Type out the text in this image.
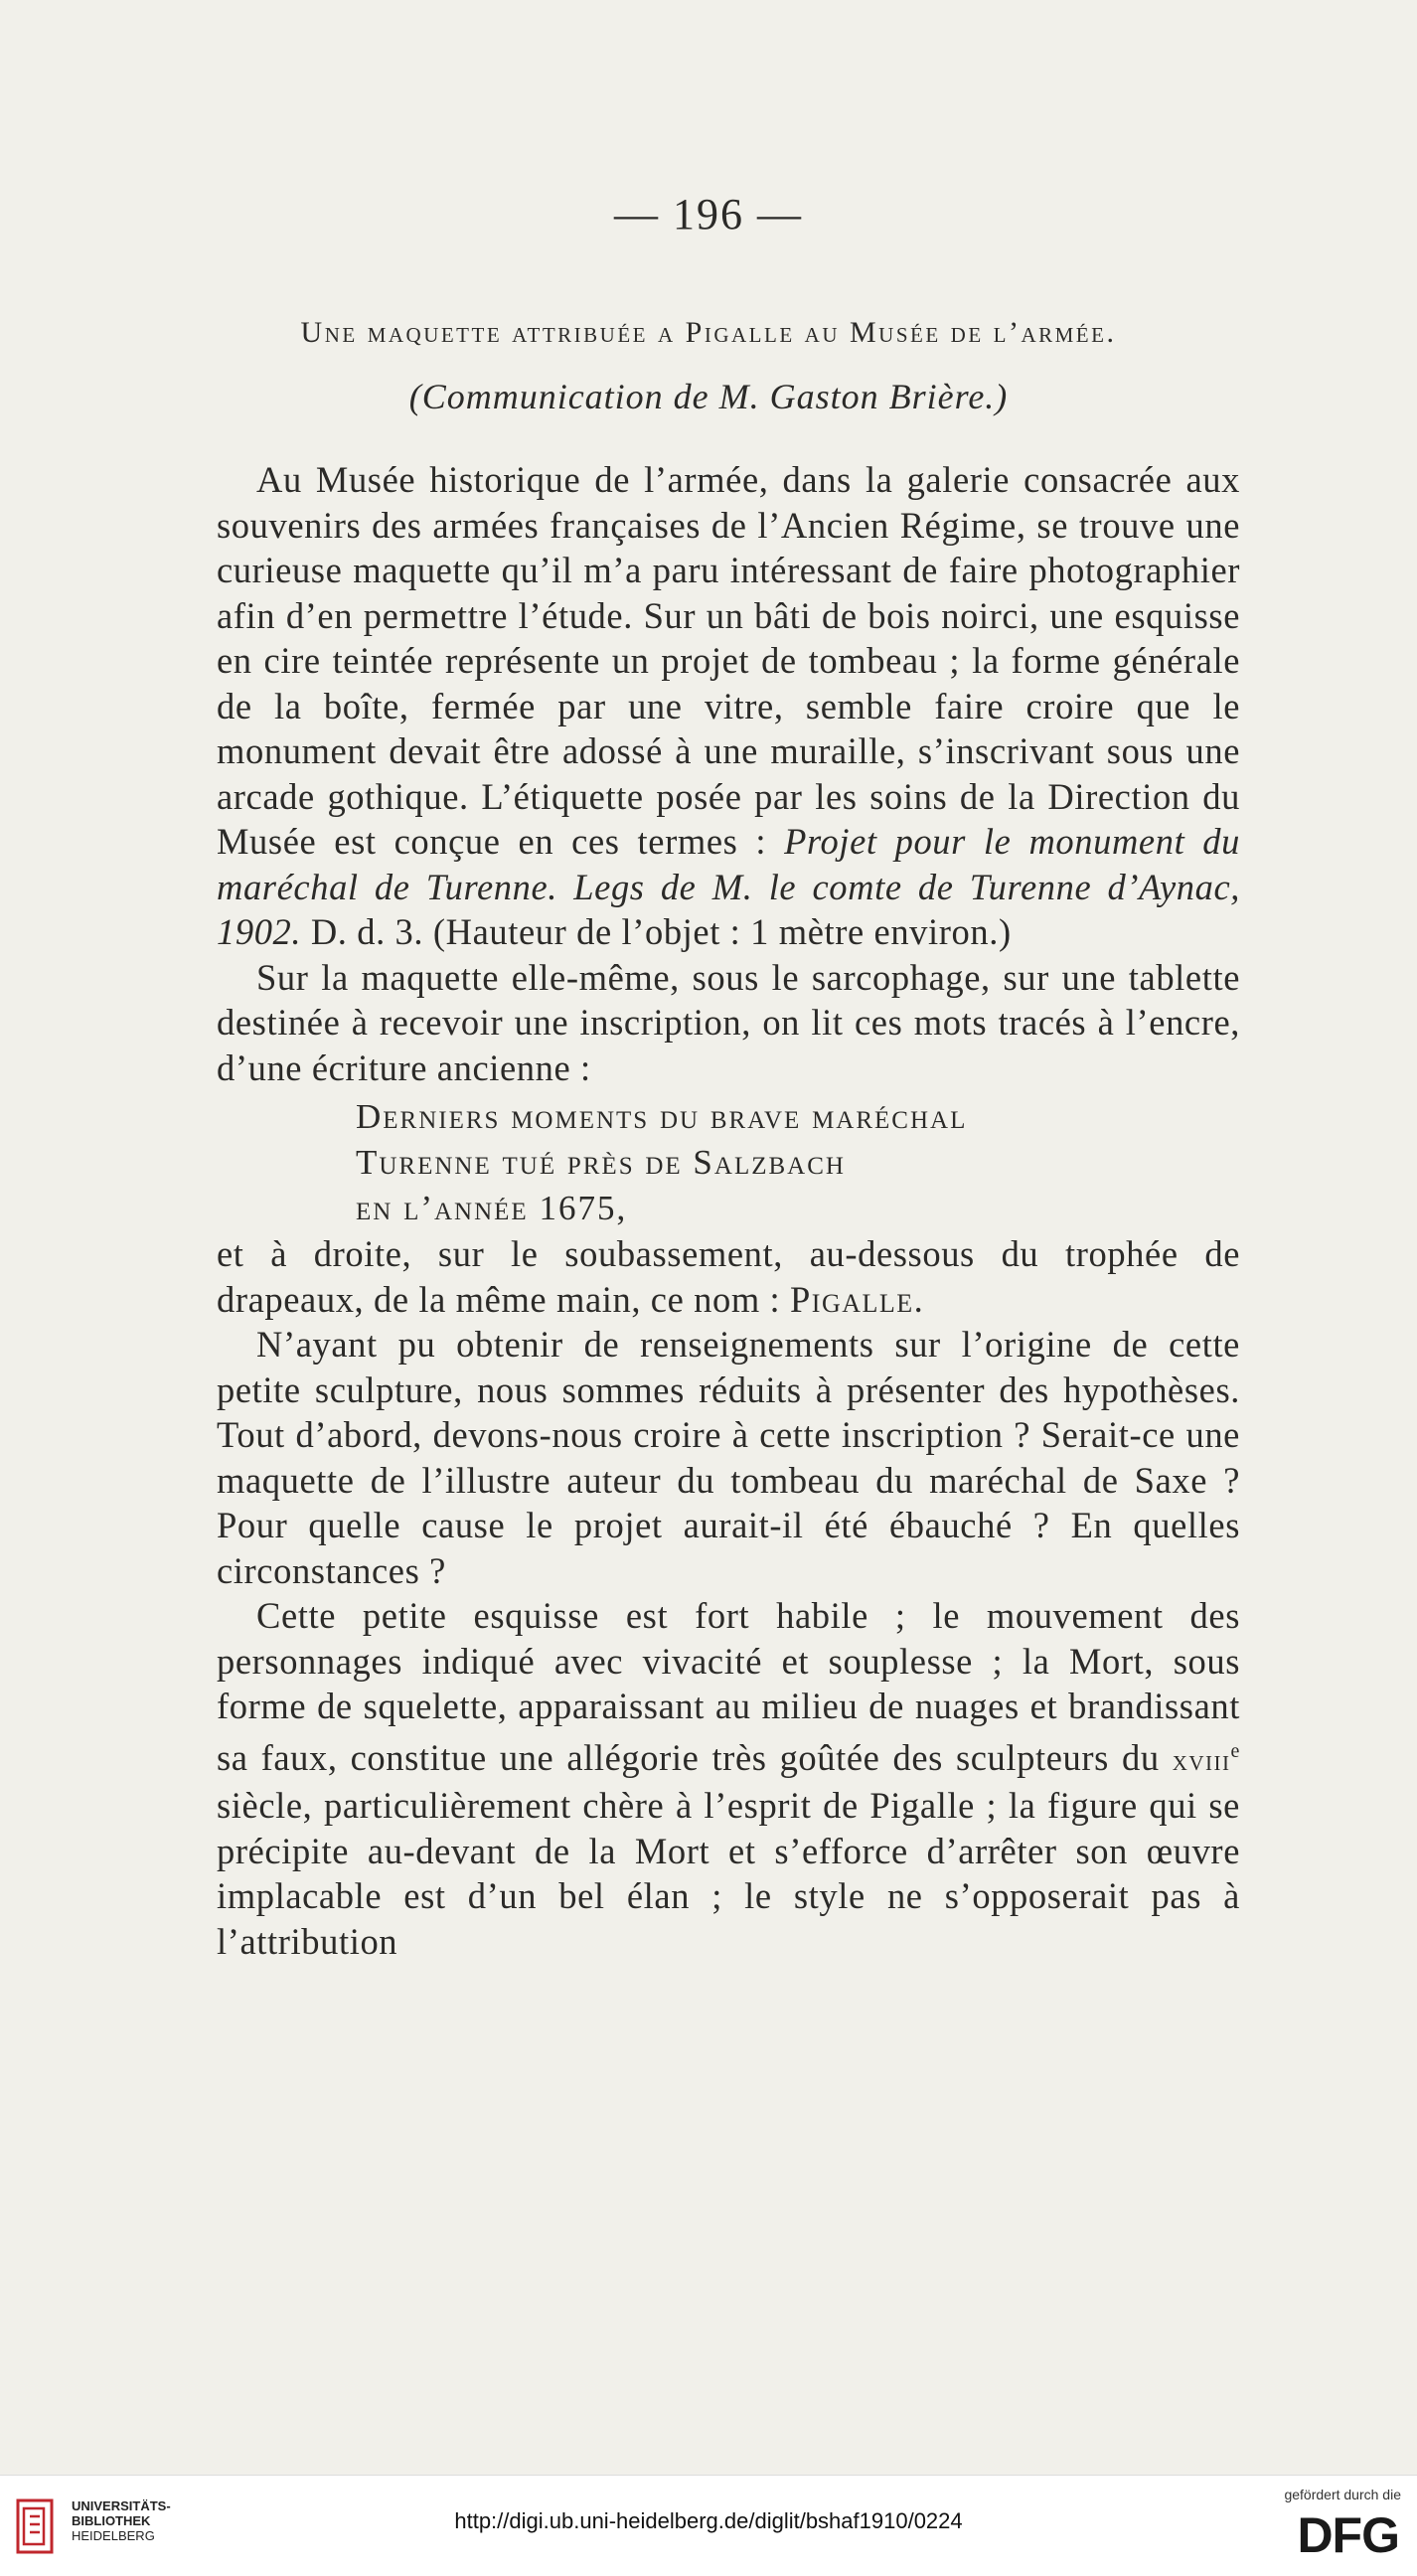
— 196 —
Une maquette attribuée a Pigalle au Musée de l’armée.
(Communication de M. Gaston Brière.)

Au Musée historique de l’armée, dans la galerie consacrée aux souvenirs des armées françaises de l’Ancien Régime, se trouve une curieuse maquette qu’il m’a paru intéressant de faire photographier afin d’en permettre l’étude. Sur un bâti de bois noirci, une esquisse en cire teintée représente un projet de tombeau ; la forme générale de la boîte, fermée par une vitre, semble faire croire que le monument devait être adossé à une muraille, s’inscrivant sous une arcade gothique. L’étiquette posée par les soins de la Direction du Musée est conçue en ces termes : Projet pour le monument du maréchal de Turenne. Legs de M. le comte de Turenne d’Aynac, 1902. D. d. 3. (Hauteur de l’objet : 1 mètre environ.)

Sur la maquette elle-même, sous le sarcophage, sur une tablette destinée à recevoir une inscription, on lit ces mots tracés à l’encre, d’une écriture ancienne :

Derniers moments du brave maréchal
Turenne tué près de Salzbach
en l’année 1675,

et à droite, sur le soubassement, au-dessous du trophée de drapeaux, de la même main, ce nom : Pigalle.

N’ayant pu obtenir de renseignements sur l’origine de cette petite sculpture, nous sommes réduits à présenter des hypothèses. Tout d’abord, devons-nous croire à cette inscription ? Serait-ce une maquette de l’illustre auteur du tombeau du maréchal de Saxe ? Pour quelle cause le projet aurait-il été ébauché ? En quelles circonstances ?

Cette petite esquisse est fort habile ; le mouvement des personnages indiqué avec vivacité et souplesse ; la Mort, sous forme de squelette, apparaissant au milieu de nuages et brandissant sa faux, constitue une allégorie très goûtée des sculpteurs du xviii$^e$ siècle, particulièrement chère à l’esprit de Pigalle ; la figure qui se précipite au-devant de la Mort et s’efforce d’arrêter son œuvre implacable est d’un bel élan ; le style ne s’opposerait pas à l’attribution

UNIVERSITÄTS-
BIBLIOTHEK
HEIDELBERG
http://digi.ub.uni-heidelberg.de/diglit/bshaf1910/0224
gefördert durch die
DFG
